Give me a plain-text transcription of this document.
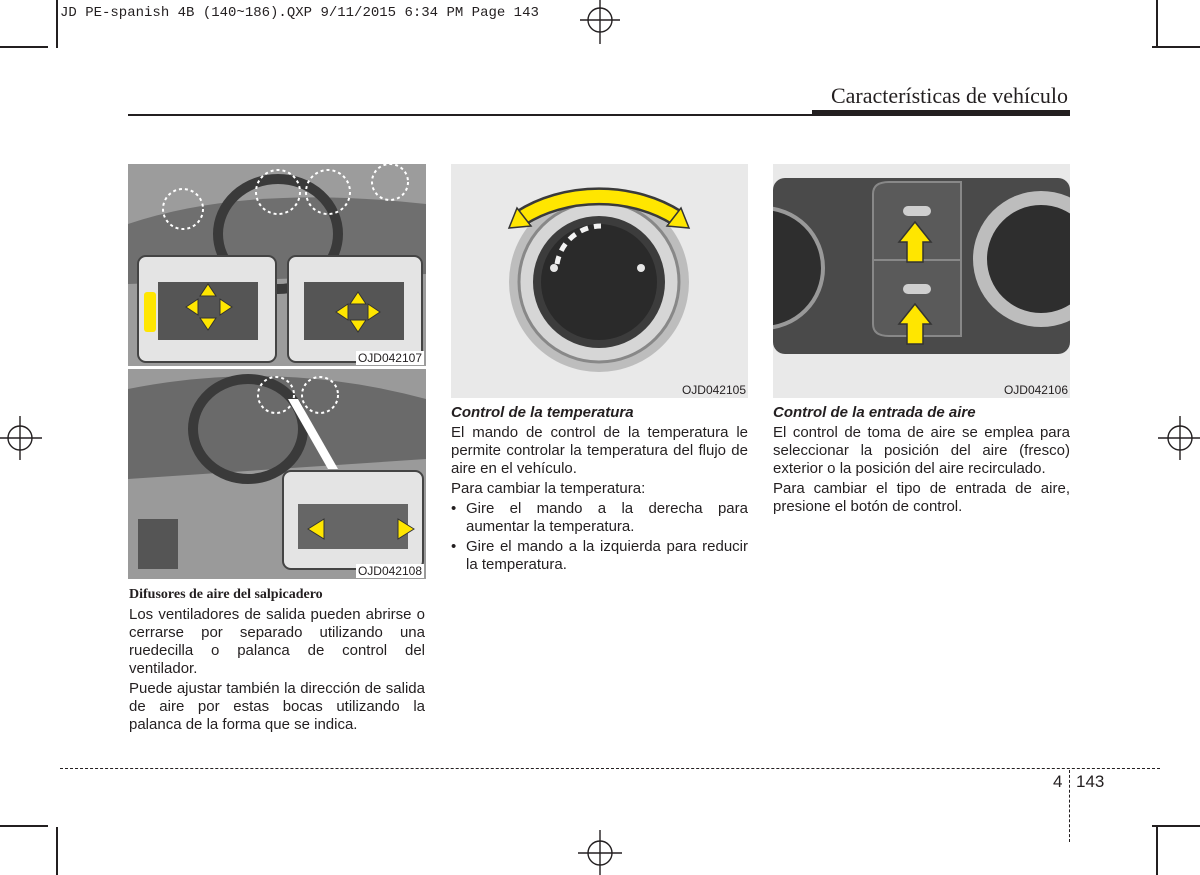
JD PE-spanish 4B (140~186).QXP 9/11/2015 6:34 PM Page 143
Características de vehículo
OJD042107
OJD042108
OJD042105	OJD042106
Difusores de aire del salpicadero

Los ventiladores de salida pueden abrirse o cerrarse por separado utilizando una ruedecilla o palanca de control del ventilador.

Puede ajustar también la dirección de salida de aire por estas bocas utilizando la palanca de la forma que se indica.

Control de la temperatura

El mando de control de la temperatura le permite controlar la temperatura del flujo de aire en el vehículo.

Para cambiar la temperatura:

• Gire el mando a la derecha para aumentar la temperatura.
• Gire el mando a la izquierda para reducir la temperatura.
Control de la entrada de aire

El control de toma de aire se emplea para seleccionar la posición del aire (fresco) exterior o la posición del aire recirculado.

Para cambiar el tipo de entrada de aire, presione el botón de control.

4 143
